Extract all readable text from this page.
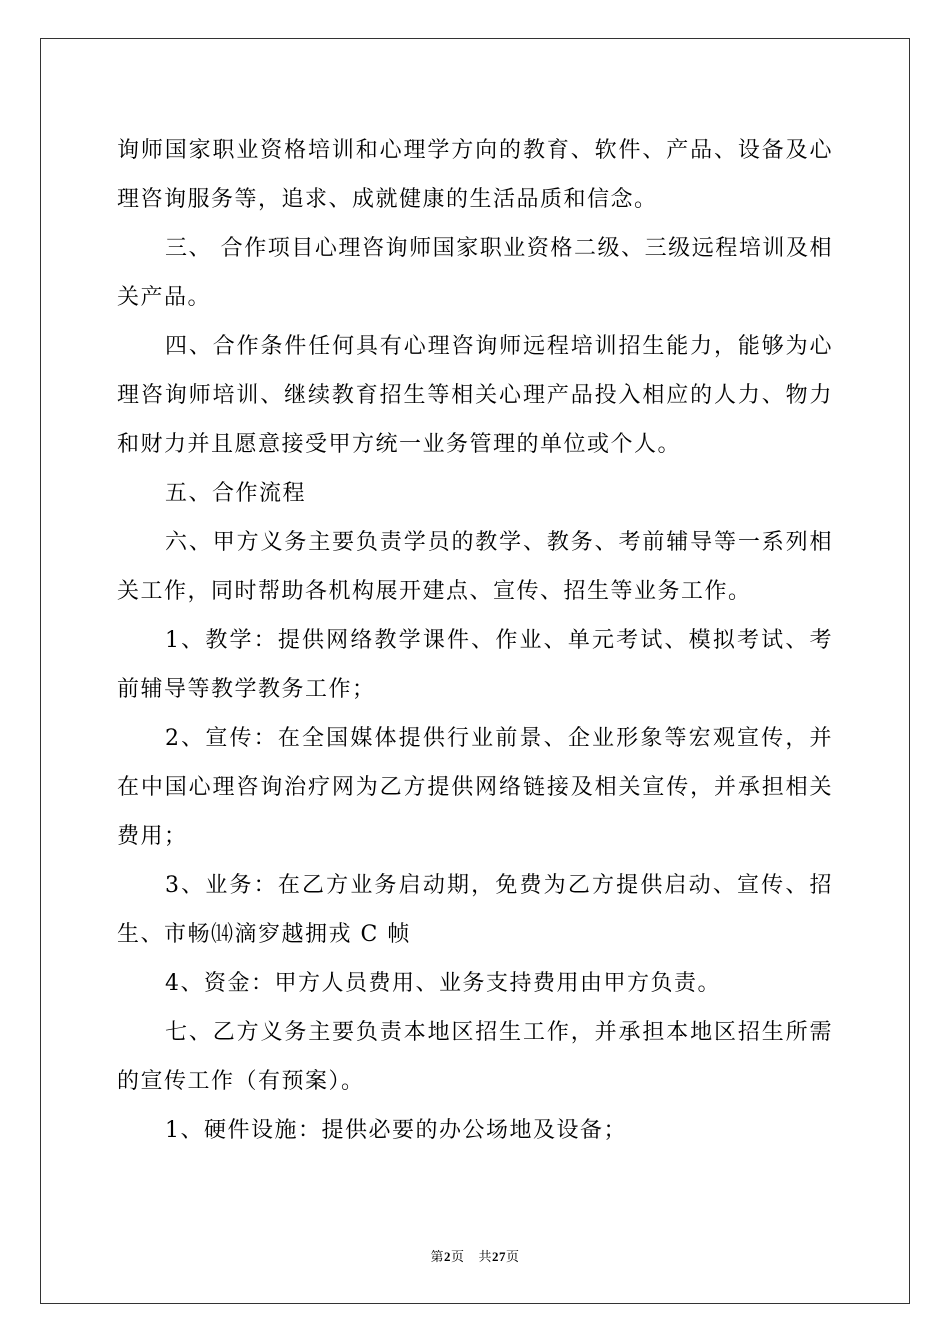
询师国家职业资格培训和心理学方向的教育、软件、产品、设备及心理咨询服务等，追求、成就健康的生活品质和信念。

三、 合作项目心理咨询师国家职业资格二级、三级远程培训及相关产品。

四、合作条件任何具有心理咨询师远程培训招生能力，能够为心理咨询师培训、继续教育招生等相关心理产品投入相应的人力、物力和财力并且愿意接受甲方统一业务管理的单位或个人。

五、合作流程

六、甲方义务主要负责学员的教学、教务、考前辅导等一系列相关工作，同时帮助各机构展开建点、宣传、招生等业务工作。

1、教学：提供网络教学课件、作业、单元考试、模拟考试、考前辅导等教学教务工作；

2、宣传：在全国媒体提供行业前景、企业形象等宏观宣传，并在中国心理咨询治疗网为乙方提供网络链接及相关宣传，并承担相关费用；

3、业务：在乙方业务启动期，免费为乙方提供启动、宣传、招生、市畅⒁滴穸越拥戎 C 帧

4、资金：甲方人员费用、业务支持费用由甲方负责。

七、乙方义务主要负责本地区招生工作，并承担本地区招生所需的宣传工作（有预案）。

1、硬件设施：提供必要的办公场地及设备；

第2页 共27页
